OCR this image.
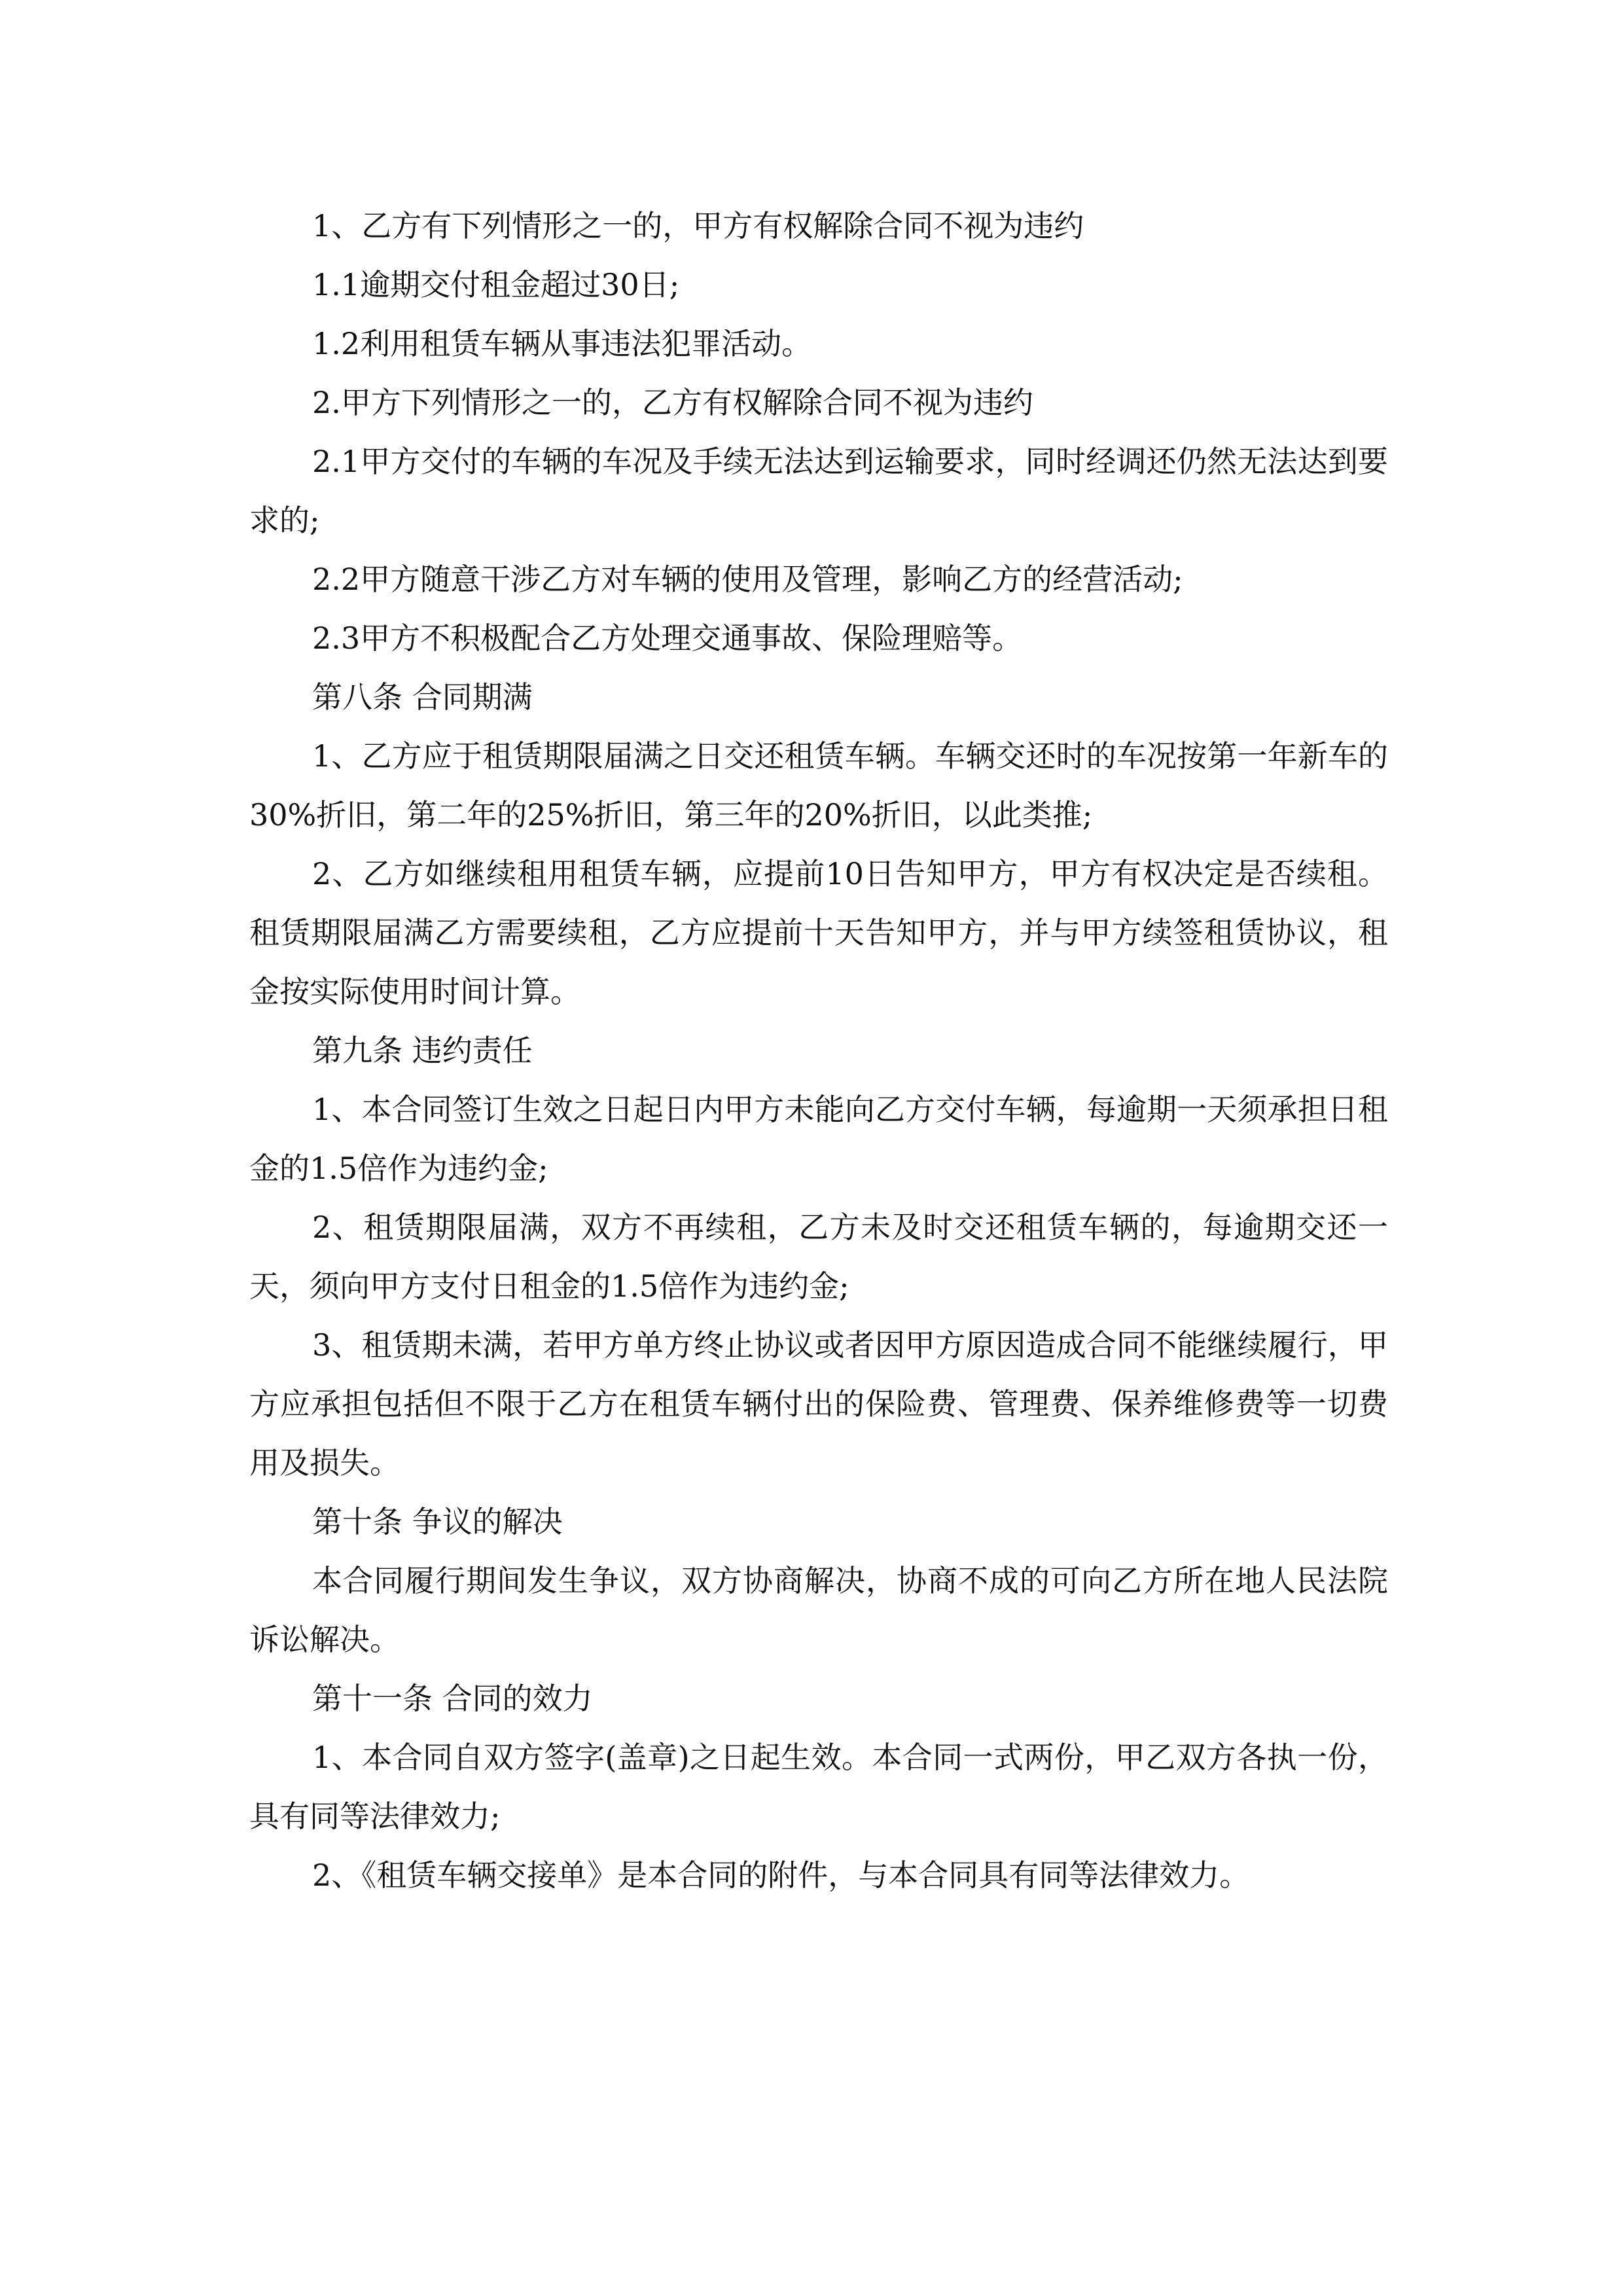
1、乙方有下列情形之一的，甲方有权解除合同不视为违约

1.1逾期交付租金超过30日;

1.2利用租赁车辆从事违法犯罪活动。

2.甲方下列情形之一的，乙方有权解除合同不视为违约

2.1甲方交付的车辆的车况及手续无法达到运输要求，同时经调还仍然无法达到要求的;

2.2甲方随意干涉乙方对车辆的使用及管理，影响乙方的经营活动;

2.3甲方不积极配合乙方处理交通事故、保险理赔等。

第八条 合同期满

1、乙方应于租赁期限届满之日交还租赁车辆。车辆交还时的车况按第一年新车的30%折旧，第二年的25%折旧，第三年的20%折旧，以此类推;

2、乙方如继续租用租赁车辆，应提前10日告知甲方，甲方有权决定是否续租。租赁期限届满乙方需要续租，乙方应提前十天告知甲方，并与甲方续签租赁协议，租金按实际使用时间计算。

第九条 违约责任

1、本合同签订生效之日起日内甲方未能向乙方交付车辆，每逾期一天须承担日租金的1.5倍作为违约金;

2、租赁期限届满，双方不再续租，乙方未及时交还租赁车辆的，每逾期交还一天，须向甲方支付日租金的1.5倍作为违约金;

3、租赁期未满，若甲方单方终止协议或者因甲方原因造成合同不能继续履行，甲方应承担包括但不限于乙方在租赁车辆付出的保险费、管理费、保养维修费等一切费用及损失。

第十条 争议的解决

本合同履行期间发生争议，双方协商解决，协商不成的可向乙方所在地人民法院诉讼解决。

第十一条 合同的效力

1、本合同自双方签字(盖章)之日起生效。本合同一式两份，甲乙双方各执一份，具有同等法律效力;

2、《租赁车辆交接单》是本合同的附件，与本合同具有同等法律效力。
